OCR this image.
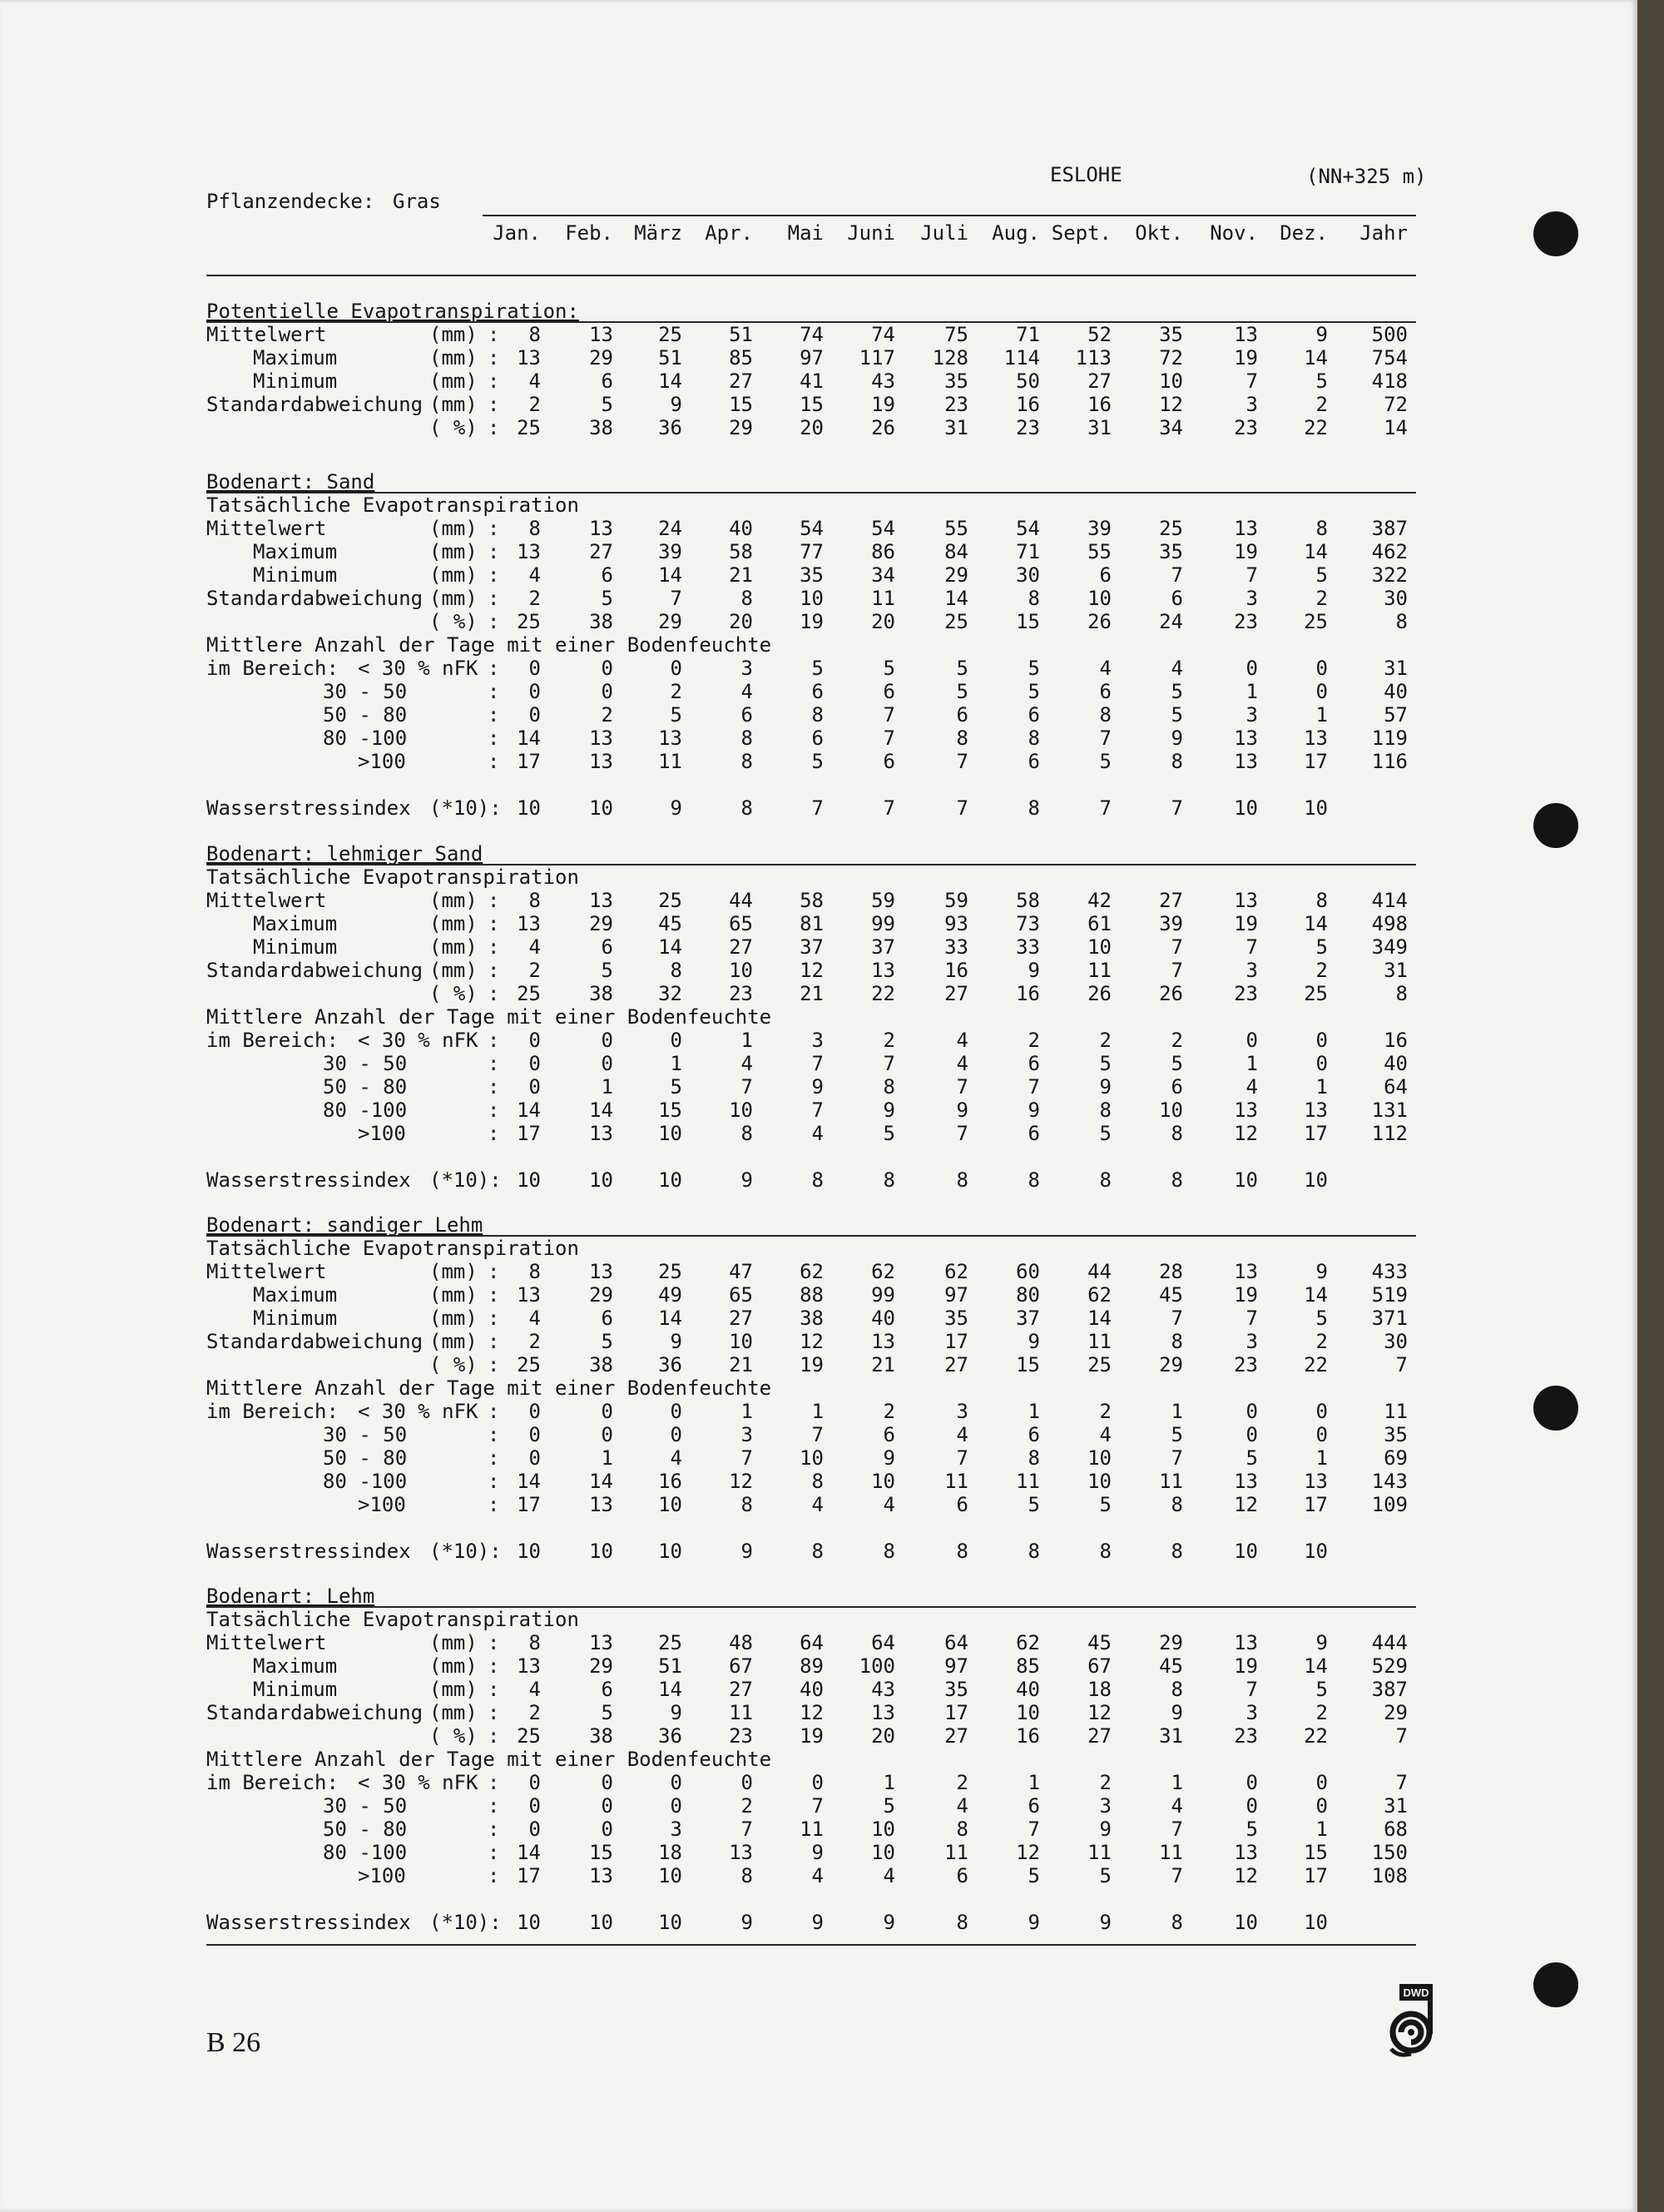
ESLOHE	(NN+325 m)
Pflanzendecke: Gras
Jan.	Feb.	März	Apr.	Mai	Juni	Juli	Aug. Sept.	Okt.	Nov.	Dez.	Jahr
Potentielle Evapotranspiration:
Mittelwert	(mm) :	8	13	25	51	74	74	75	71	52	35	13	9	500
Maximum	(mm) : 13	29	51	85	97	117	128	114	113	72	19	14	754
Minimum	(mm) :	4	6	14	27	41	43	35	50	27	10	7	5	418
Standardabweichung (mm) :	2	5	9	15	15	19	23	16	16	12	3	2	72
( %) : 25	38	36	29	20	26	31	23	31	34	23	22	14
Bodenart: Sand
Tatsächliche Evapotranspiration
Mittelwert	(mm) :	8	13	24	40	54	54	55	54	39	25	13	8	387
Maximum	(mm) : 13	27	39	58	77	86	84	71	55	35	19	14	462
Minimum	(mm) :	4	6	14	21	35	34	29	30	6	7	7	5	322
Standardabweichung (mm) :	2	5	7	8	10	11	14	8	10	6	3	2	30
( %) : 25	38	29	20	19	20	25	15	26	24	23	25	8
Mittlere Anzahl der Tage mit einer Bodenfeuchte
im Bereich: < 30 % nFK :	0	0	0	3	5	5	5	5	4	4	0	0	31
30 - 50	:	0	0	2	4	6	6	5	5	6	5	1	0	40
50 - 80	:	0	2	5	6	8	7	6	6	8	5	3	1	57
80 -100	: 14	13	13	8	6	7	8	8	7	9	13	13	119
>100	: 17	13	11	8	5	6	7	6	5	8	13	17	116
Wasserstressindex (*10): 10	10	9	8	7	7	7	8	7	7	10	10
Bodenart: lehmiger Sand
Tatsächliche Evapotranspiration
Mittelwert	(mm) :	8	13	25	44	58	59	59	58	42	27	13	8	414
Maximum	(mm) : 13	29	45	65	81	99	93	73	61	39	19	14	498
Minimum	(mm) :	4	6	14	27	37	37	33	33	10	7	7	5	349
Standardabweichung (mm) :	2	5	8	10	12	13	16	9	11	7	3	2	31
( %) : 25	38	32	23	21	22	27	16	26	26	23	25	8
Mittlere Anzahl der Tage mit einer Bodenfeuchte
im Bereich: < 30 % nFK :	0	0	0	1	3	2	4	2	2	2	0	0	16
30 - 50	:	0	0	1	4	7	7	4	6	5	5	1	0	40
50 - 80	:	0	1	5	7	9	8	7	7	9	6	4	1	64
80 -100	: 14	14	15	10	7	9	9	9	8	10	13	13	131
>100	: 17	13	10	8	4	5	7	6	5	8	12	17	112
Wasserstressindex (*10): 10	10	10	9	8	8	8	8	8	8	10	10
Bodenart: sandiger Lehm
Tatsächliche Evapotranspiration
Mittelwert	(mm) :	8	13	25	47	62	62	62	60	44	28	13	9	433
Maximum	(mm) : 13	29	49	65	88	99	97	80	62	45	19	14	519
Minimum	(mm) :	4	6	14	27	38	40	35	37	14	7	7	5	371
Standardabweichung (mm) :	2	5	9	10	12	13	17	9	11	8	3	2	30
( %) : 25	38	36	21	19	21	27	15	25	29	23	22	7
Mittlere Anzahl der Tage mit einer Bodenfeuchte
im Bereich: < 30 % nFK :	0	0	0	1	1	2	3	1	2	1	0	0	11
30 - 50	:	0	0	0	3	7	6	4	6	4	5	0	0	35
50 - 80	:	0	1	4	7	10	9	7	8	10	7	5	1	69
80 -100	: 14	14	16	12	8	10	11	11	10	11	13	13	143
>100	: 17	13	10	8	4	4	6	5	5	8	12	17	109
Wasserstressindex (*10): 10	10	10	9	8	8	8	8	8	8	10	10
Bodenart: Lehm
Tatsächliche Evapotranspiration
Mittelwert	(mm) :	8	13	25	48	64	64	64	62	45	29	13	9	444
Maximum	(mm) : 13	29	51	67	89	100	97	85	67	45	19	14	529
Minimum	(mm) :	4	6	14	27	40	43	35	40	18	8	7	5	387
Standardabweichung (mm) :	2	5	9	11	12	13	17	10	12	9	3	2	29
( %) : 25	38	36	23	19	20	27	16	27	31	23	22	7
Mittlere Anzahl der Tage mit einer Bodenfeuchte
im Bereich: < 30 % nFK :	0	0	0	0	0	1	2	1	2	1	0	0	7
30 - 50	:	0	0	0	2	7	5	4	6	3	4	0	0	31
50 - 80	:	0	0	3	7	11	10	8	7	9	7	5	1	68
80 -100	: 14	15	18	13	9	10	11	12	11	11	13	15	150
>100	: 17	13	10	8	4	4	6	5	5	7	12	17	108
Wasserstressindex (*10): 10	10	10	9	9	9	8	9	9	8	10	10
B 26
DWD
